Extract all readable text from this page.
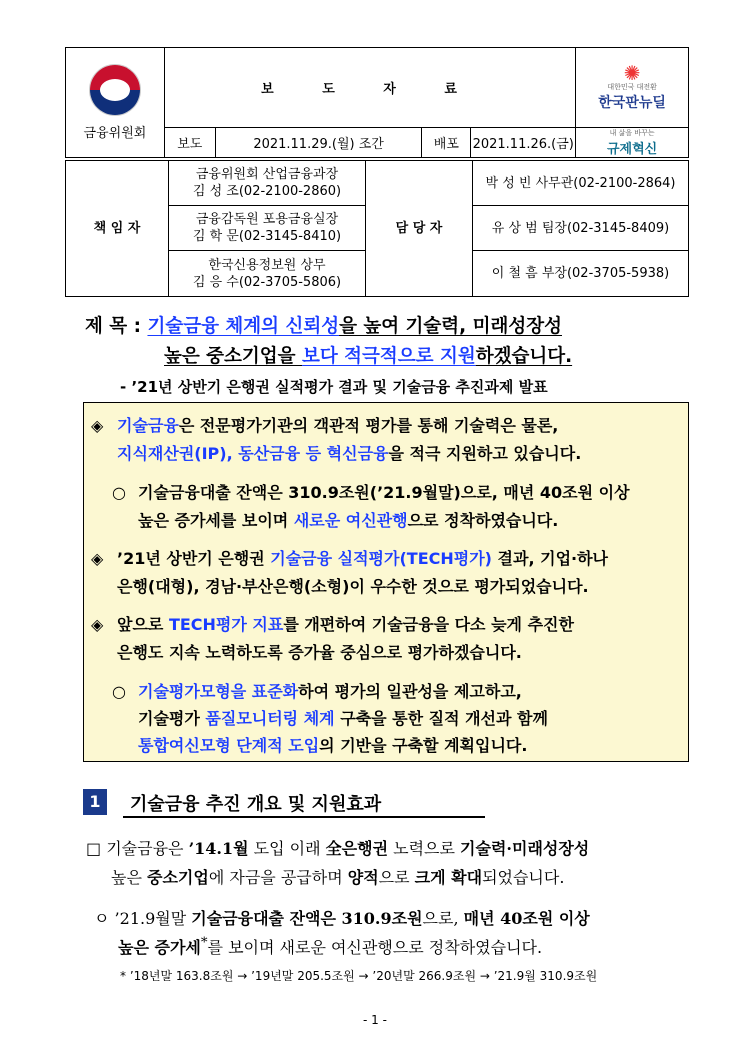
금융위원회	보 도 자 료				✺
대한민국 대전환
한국판뉴딜

	보도	2021.11.29.(월) 조간	배포	2021.11.26.(금)	내 삶을 바꾸는
규제혁신
책 임 자	금융위원회 산업금융과장
김 성 조(02-2100-2860)	담 당 자	박 성 빈 사무관(02-2100-2864)

	금융감독원 포용금융실장
김 학 문(02-3145-8410)		유 상 범 팀장(02-3145-8409)

	한국신용정보원 상무
김 응 수(02-3705-5806)		이 철 흠 부장(02-3705-5938)
제 목 : 기술금융 체계의 신뢰성을 높여 기술력, 미래성장성
높은 중소기업을 보다 적극적으로 지원하겠습니다.
- ’21년 상반기 은행권 실적평가 결과 및 기술금융 추진과제 발표
◈ 기술금융은 전문평가기관의 객관적 평가를 통해 기술력은 물론,
지식재산권(IP), 동산금융 등 혁신금융을 적극 지원하고 있습니다.
○ 기술금융대출 잔액은 310.9조원(’21.9월말)으로, 매년 40조원 이상
높은 증가세를 보이며 새로운 여신관행으로 정착하였습니다.
◈ ’21년 상반기 은행권 기술금융 실적평가(TECH평가) 결과, 기업·하나
은행(대형), 경남·부산은행(소형)이 우수한 것으로 평가되었습니다.
◈ 앞으로 TECH평가 지표를 개편하여 기술금융을 다소 늦게 추진한
은행도 지속 노력하도록 증가율 중심으로 평가하겠습니다.
○ 기술평가모형을 표준화하여 평가의 일관성을 제고하고,
기술평가 품질모니터링 체계 구축을 통한 질적 개선과 함께
통합여신모형 단계적 도입의 기반을 구축할 계획입니다.
1	기술금융 추진 개요 및 지원효과
□ 기술금융은 ’14.1월 도입 이래 全은행권 노력으로 기술력·미래성장성
높은 중소기업에 자금을 공급하며 양적으로 크게 확대되었습니다.
ㅇ ’21.9월말 기술금융대출 잔액은 310.9조원으로, 매년 40조원 이상
높은 증가세*를 보이며 새로운 여신관행으로 정착하였습니다.
* ’18년말 163.8조원 → ’19년말 205.5조원 → ’20년말 266.9조원 → ’21.9월 310.9조원
- 1 -
